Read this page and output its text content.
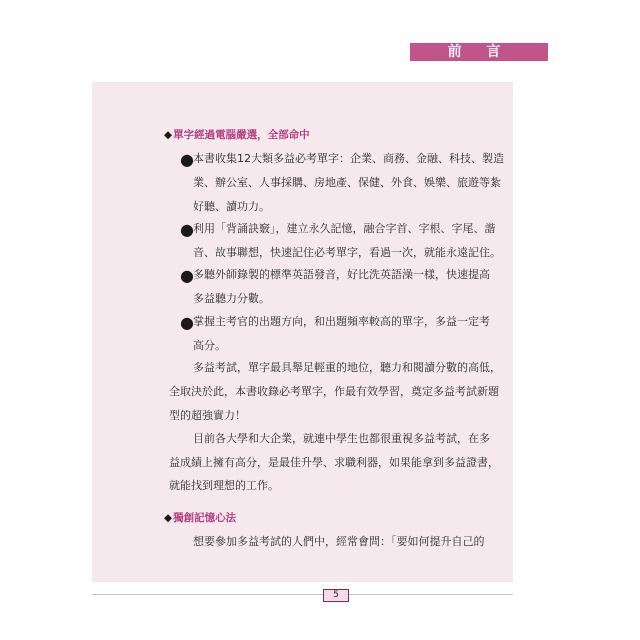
前 言
◆單字經過電腦嚴選，全部命中
● 本書收集12大類多益必考單字：企業、商務、金融、科技、製造
業、辦公室、人事採購、房地產、保健、外食、娛樂、旅遊等紮
好聽、讀功力。
● 利用「背誦訣竅」，建立永久記憶，融合字首、字根、字尾、諧
音、故事聯想，快速記住必考單字，看過一次，就能永遠記住。
● 多聽外師錄製的標準英語發音，好比洗英語澡一樣，快速提高
多益聽力分數。
● 掌握主考官的出題方向，和出題頻率較高的單字，多益一定考
高分。
多益考試，單字最具舉足輕重的地位，聽力和閱讀分數的高低，
全取決於此，本書收錄必考單字，作最有效學習，奠定多益考試新題
型的超強實力！
目前各大學和大企業，就連中學生也都很重視多益考試，在多
益成績上擁有高分，是最佳升學、求職利器，如果能拿到多益證書，
就能找到理想的工作。
◆獨創記憶心法
想要參加多益考試的人們中，經常會問：「要如何提升自己的
5
